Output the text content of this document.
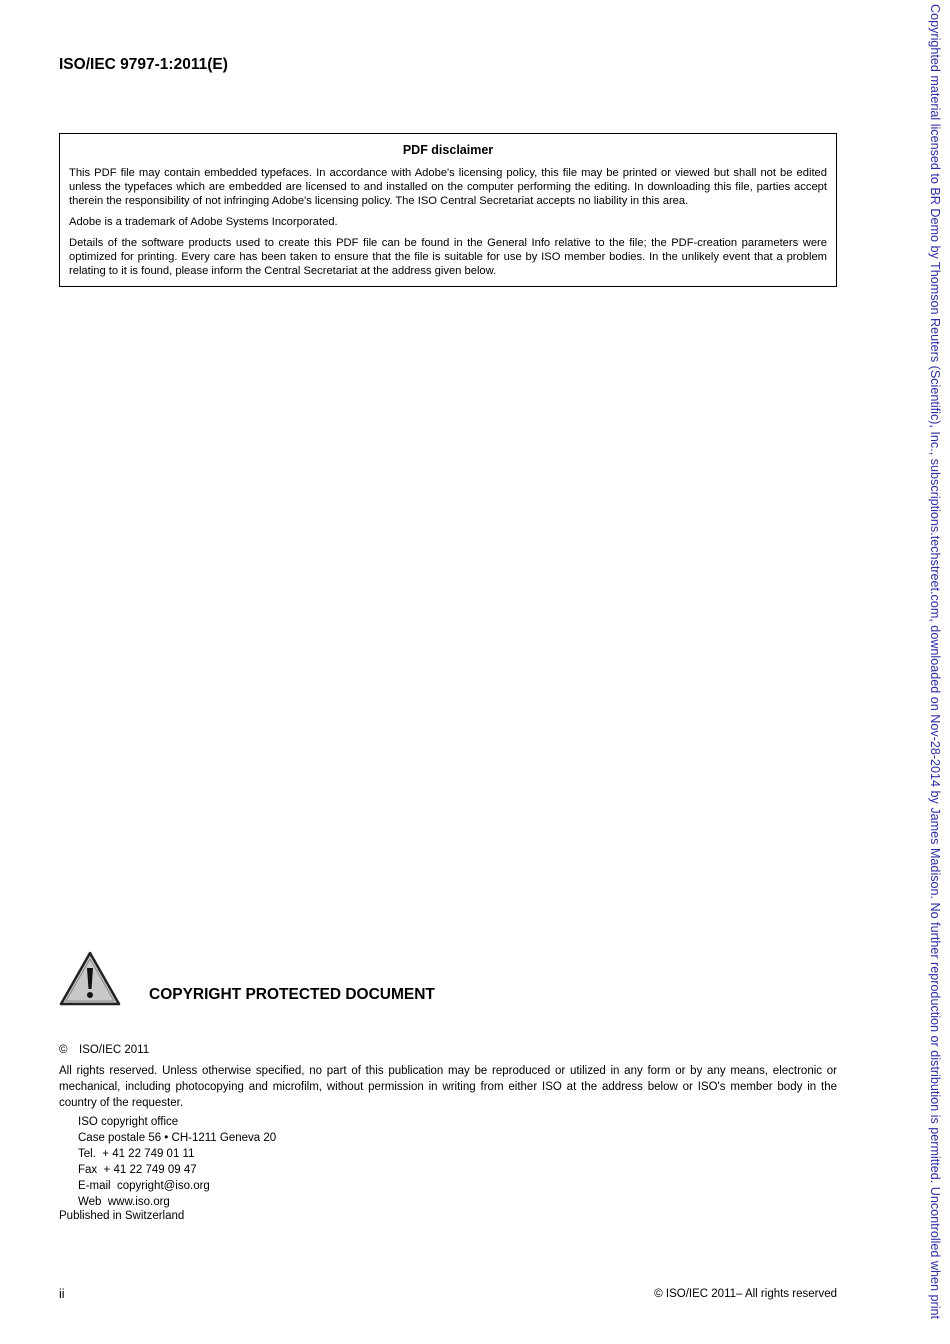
ISO/IEC 9797-1:2011(E)
PDF disclaimer

This PDF file may contain embedded typefaces. In accordance with Adobe's licensing policy, this file may be printed or viewed but shall not be edited unless the typefaces which are embedded are licensed to and installed on the computer performing the editing. In downloading this file, parties accept therein the responsibility of not infringing Adobe's licensing policy. The ISO Central Secretariat accepts no liability in this area.

Adobe is a trademark of Adobe Systems Incorporated.

Details of the software products used to create this PDF file can be found in the General Info relative to the file; the PDF-creation parameters were optimized for printing. Every care has been taken to ensure that the file is suitable for use by ISO member bodies. In the unlikely event that a problem relating to it is found, please inform the Central Secretariat at the address given below.

COPYRIGHT PROTECTED DOCUMENT
© ISO/IEC 2011

All rights reserved. Unless otherwise specified, no part of this publication may be reproduced or utilized in any form or by any means, electronic or mechanical, including photocopying and microfilm, without permission in writing from either ISO at the address below or ISO's member body in the country of the requester.

ISO copyright office
Case postale 56 • CH-1211 Geneva 20
Tel.  + 41 22 749 01 11
Fax  + 41 22 749 09 47
E-mail  copyright@iso.org
Web  www.iso.org
Published in Switzerland
ii	© ISO/IEC 2011– All rights reserved	Copyrighted material licensed to BR Demo by Thomson Reuters (Scientific), Inc., subscriptions.techstreet.com, downloaded on Nov-28-2014 by James Madison. No further reproduction or distribution is permitted. Uncontrolled when print
